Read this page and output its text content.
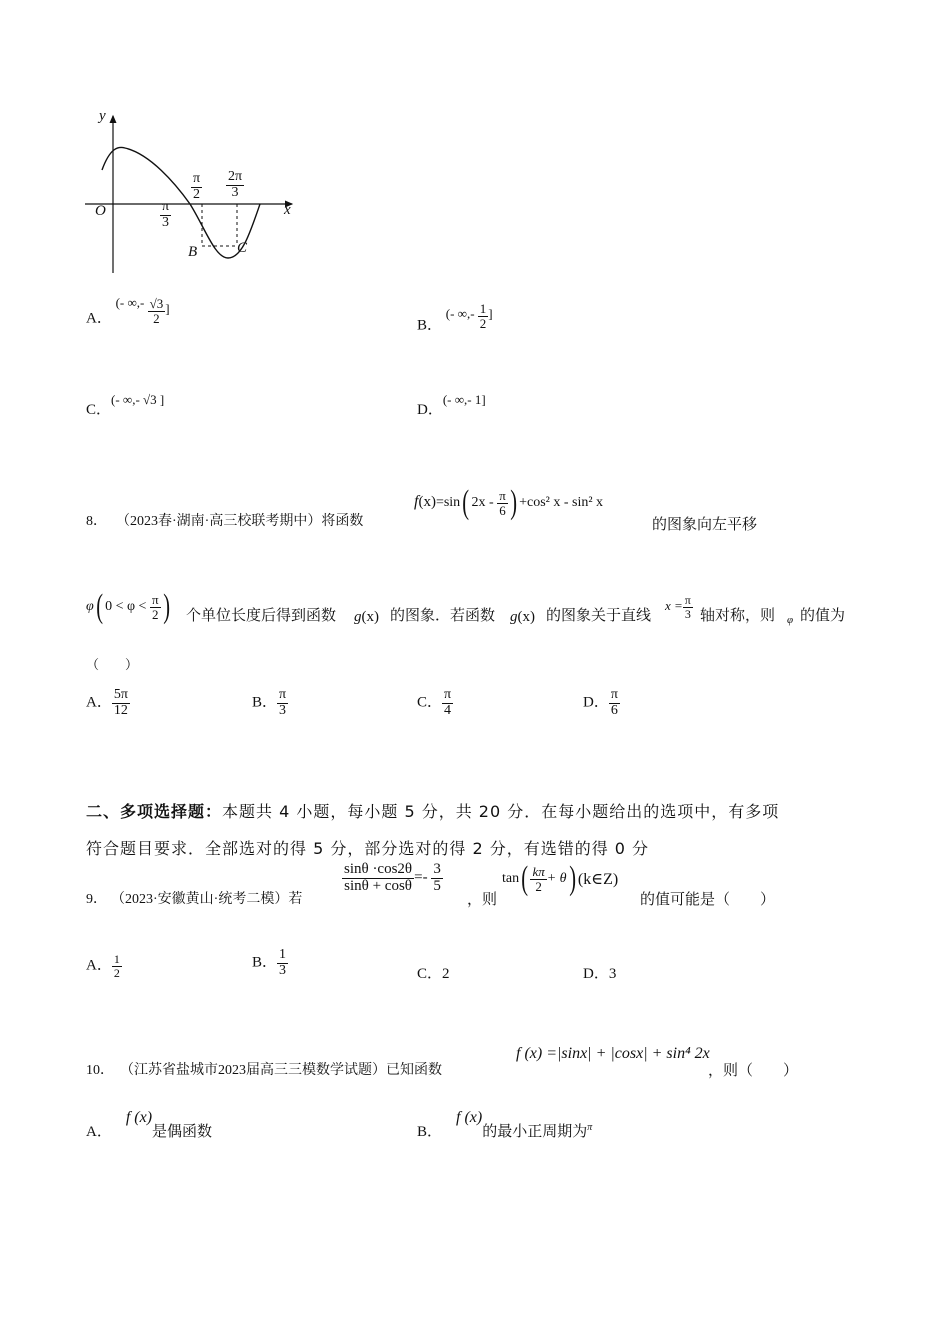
y
x
O
B	C
$\frac{\pi}{3}$
$\frac{\pi}{2} \frac{2\pi}{3}$
A． (- ∞,- $\frac{√3}{2}$ ]
B． (- ∞,- $\frac{1}{2}$ ]
C．(- ∞,- √3 ]
D．(- ∞,- 1]
8． （2023春·湖南·高三校联考期中）将函数
f(x)=sin( $2x - \frac{\pi}{6}$ ) +cos² x - sin² x
的图象向左平移
φ( $0 < \varphi < \frac{\pi}{2}$ ) 个单位长度后得到函数 g(x) 的图象．若函数 g(x) 的图象关于直线
$x = \frac{\pi}{3}$ 轴对称，则 φ 的值为
（　　）
A． $\frac{5\pi}{12}$	B． $\frac{\pi}{3}$	C． $\frac{\pi}{4}$	D． $\frac{\pi}{6}$
二、多项选择题：本题共 4 小题，每小题 5 分，共 20 分．在每小题给出的选项中，有多项
符合题目要求．全部选对的得 5 分，部分选对的得 2 分，有选错的得 0 分
9． （2023·安徽黄山·统考二模）若
$\frac{\sin\theta \cdot\cos 2\theta}{\sin\theta + \cos\theta} =- \frac{3}{5}$
，则
$\tan( \frac{k\pi}{2} + \theta)$ (k∈Z)
的值可能是（　　）
A． $\frac{1}{2}$	B． $\frac{1}{3}$	C．2	D．3
10． （江苏省盐城市2023届高三三模数学试题）已知函数
f (x) =|sinx| + |cosx| + sin⁴ 2x
，则（　　）
A．f (x)是偶函数	B．f (x)的最小正周期为$^\pi$
